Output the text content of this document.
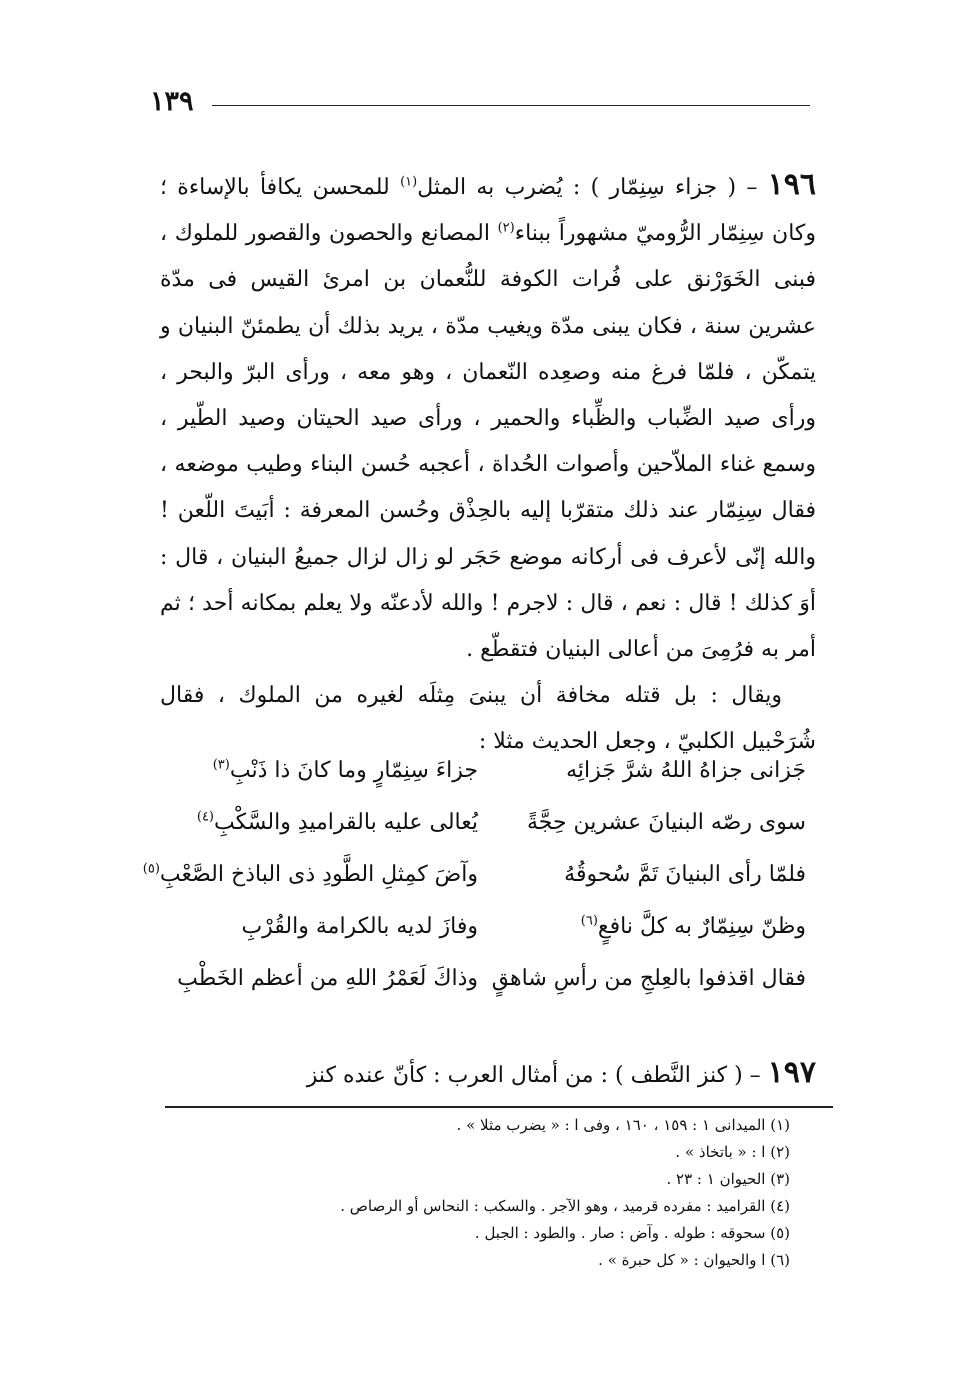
١٣٩

١٩٦ – ( جزاء سِنِمّار ) : يُضرب به المثل$^{(١)}$ للمحسن يكافأ بالإساءة ؛ وكان سِنِمّار الرُّوميّ مشهوراً ببناء$^{(٢)}$ المصانع والحصون والقصور للملوك ، فبنى الخَوَرْنق على فُرات الكوفة للنُّعمان بن امرئ القيس فى مدّة عشرين سنة ، فكان يبنى مدّة ويغيب مدّة ، يريد بذلك أن يطمئنّ البنيان و يتمكّن ، فلمّا فرغ منه وصعِده النّعمان ، وهو معه ، ورأى البرّ والبحر ، ورأى صيد الضِّباب والظِّباء والحمير ، ورأى صيد الحيتان وصيد الطّير ، وسمع غناء الملاّحين وأصوات الحُداة ، أعجبه حُسن البناء وطيب موضعه ، فقال سِنِمّار عند ذلك متقرّبا إليه بالحِذْق وحُسن المعرفة : أبَيتَ اللّعن ! والله إنّى لأعرف فى أركانه موضع حَجَر لو زال لزال جميعُ البنيان ، قال : أوَ كذلك ! قال : نعم ، قال : لاجرم ! والله لأدعنّه ولا يعلم بمكانه أحد ؛ ثم أمر به فرُمِىَ من أعالى البنيان فتقطّع .

ويقال : بل قتله مخافة أن يبنىَ مِثلَه لغيره من الملوك ، فقال شُرَحْبيل الكلبيّ ، وجعل الحديث مثلا :

جَزانى جزاهُ اللهُ شرَّ جَزائِه
جزاءَ سِنِمّارٍ وما كانَ ذا ذَنْبِ$^{(٣)}$
سوى رصّه البنيانَ عشرين حِجَّةً
يُعالى عليه بالقراميدِ والسَّكْبِ$^{(٤)}$
فلمّا رأى البنيانَ تَمَّ سُحوقُهُ
وآضَ كمِثلِ الطَّودِ ذى الباذخ الصَّعْبِ$^{(٥)}$
وظنّ سِنِمّارٌ به كلَّ نافعٍ$^{(٦)}$
وفازَ لديه بالكرامة والقُرْبِ
فقال اقذفوا بالعِلجِ من رأسِ شاهقٍ
وذاكَ لَعَمْرُ اللهِ من أعظم الخَطْبِ
١٩٧ – ( كنز النَّطف ) : من أمثال العرب : كأنّ عنده كنز
(١) الميدانى ١ : ١٥٩ ، ١٦٠ ، وفى ا : « يضرب مثلا » .
(٢) ا : « باتخاذ » .
(٣) الحيوان ١ : ٢٣ .
(٤) القراميد : مفرده قرميد ، وهو الآجر . والسكب : النحاس أو الرصاص .
(٥) سحوقه : طوله . وآض : صار . والطود : الجبل .
(٦) ا والحيوان : « كل حبرة » .
